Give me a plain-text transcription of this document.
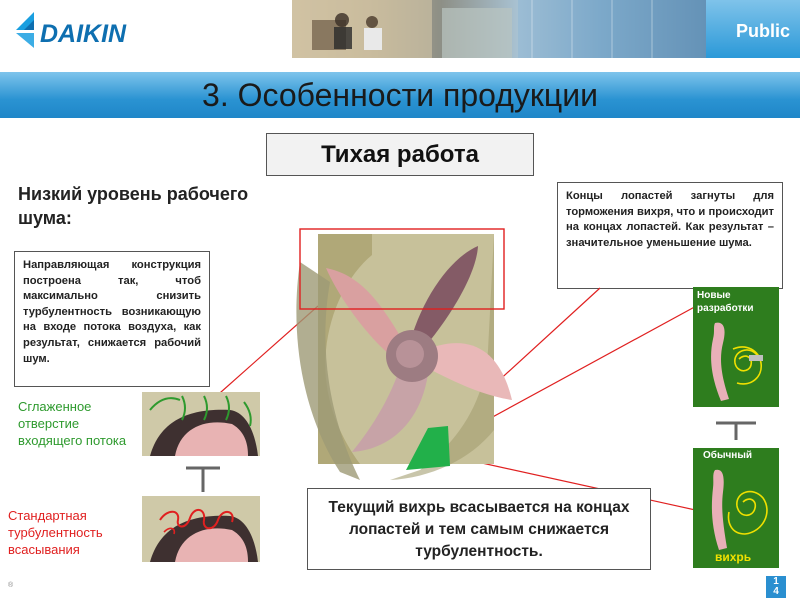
DAIKIN	Public
3. Особенности продукции
Тихая работа
Низкий уровень рабочего шума:
Направляющая конструкция построена так, чтоб максимально снизить турбулентность возникающую на входе потока воздуха, как результат, снижается рабочий шум.
Концы лопастей загнуты для торможения вихря, что и происходит на концах лопастей. Как результат – значительное уменьшение шума.
Сглаженное отверстие входящего потока
Стандартная турбулентность всасывания
Текущий вихрь всасывается на концах лопастей и тем самым снижается турбулентность.
Новые разработки
Обычный
вихрь
®	1
4
